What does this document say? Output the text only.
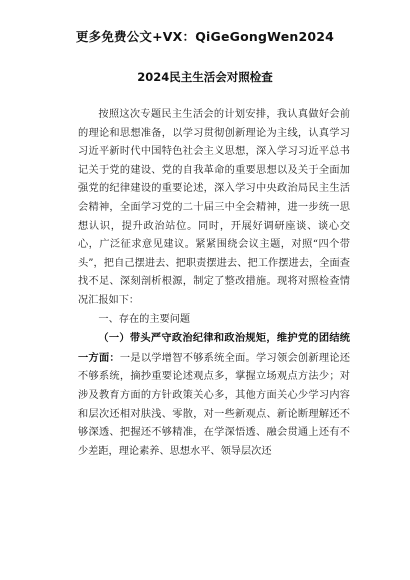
更多免费公文+VX：QiGeGongWen2024
2024民主生活会对照检查

按照这次专题民主生活会的计划安排，我认真做好会前的理论和思想准备，以学习贯彻创新理论为主线，认真学习习近平新时代中国特色社会主义思想，深入学习习近平总书记关于党的建设、党的自我革命的重要思想以及关于全面加强党的纪律建设的重要论述，深入学习中央政治局民主生活会精神，全面学习党的二十届三中全会精神，进一步统一思想认识，提升政治站位。同时，开展好调研座谈、谈心交心，广泛征求意见建议。紧紧围绕会议主题，对照“四个带头”，把自己摆进去、把职责摆进去、把工作摆进去，全面查找不足、深刻剖析根源，制定了整改措施。现将对照检查情况汇报如下：

一、存在的主要问题

（一）带头严守政治纪律和政治规矩，维护党的团结统一方面：一是以学增智不够系统全面。学习领会创新理论还不够系统，摘抄重要论述观点多，掌握立场观点方法少；对涉及教育方面的方针政策关心多，其他方面关心少学习内容和层次还相对肤浅、零散，对一些新观点、新论断理解还不够深透、把握还不够精准，在学深悟透、融会贯通上还有不少差距，理论素养、思想水平、领导层次还
